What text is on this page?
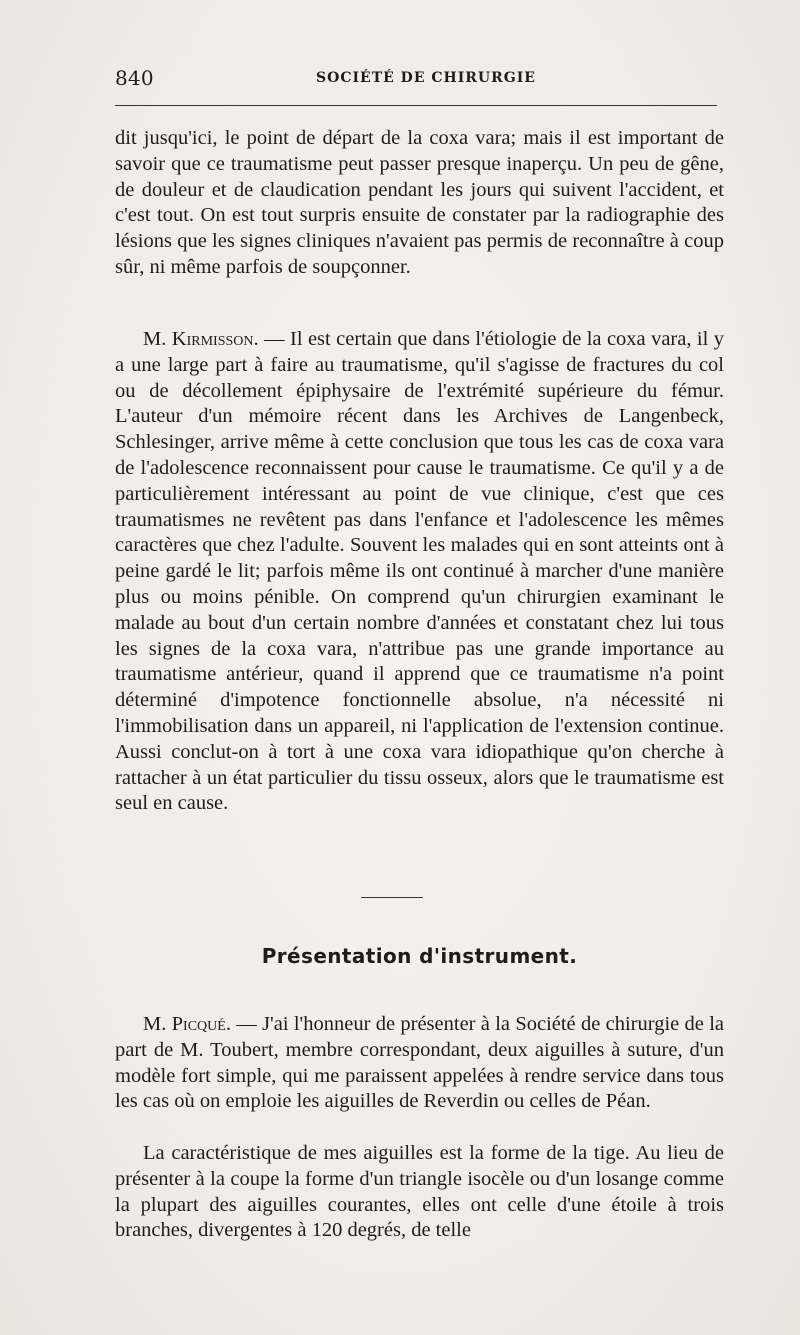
840	SOCIÉTÉ DE CHIRURGIE

dit jusqu'ici, le point de départ de la coxa vara; mais il est important de savoir que ce traumatisme peut passer presque inaperçu. Un peu de gêne, de douleur et de claudication pendant les jours qui suivent l'accident, et c'est tout. On est tout surpris ensuite de constater par la radiographie des lésions que les signes cliniques n'avaient pas permis de reconnaître à coup sûr, ni même parfois de soupçonner.

M. Kirmisson. — Il est certain que dans l'étiologie de la coxa vara, il y a une large part à faire au traumatisme, qu'il s'agisse de fractures du col ou de décollement épiphysaire de l'extrémité supérieure du fémur. L'auteur d'un mémoire récent dans les Archives de Langenbeck, Schlesinger, arrive même à cette conclusion que tous les cas de coxa vara de l'adolescence reconnaissent pour cause le traumatisme. Ce qu'il y a de particulièrement intéressant au point de vue clinique, c'est que ces traumatismes ne revêtent pas dans l'enfance et l'adolescence les mêmes caractères que chez l'adulte. Souvent les malades qui en sont atteints ont à peine gardé le lit; parfois même ils ont continué à marcher d'une manière plus ou moins pénible. On comprend qu'un chirurgien examinant le malade au bout d'un certain nombre d'années et constatant chez lui tous les signes de la coxa vara, n'attribue pas une grande importance au traumatisme antérieur, quand il apprend que ce traumatisme n'a point déterminé d'impotence fonctionnelle absolue, n'a nécessité ni l'immobilisation dans un appareil, ni l'application de l'extension continue. Aussi conclut-on à tort à une coxa vara idiopathique qu'on cherche à rattacher à un état particulier du tissu osseux, alors que le traumatisme est seul en cause.

Présentation d'instrument.

M. Picqué. — J'ai l'honneur de présenter à la Société de chirurgie de la part de M. Toubert, membre correspondant, deux aiguilles à suture, d'un modèle fort simple, qui me paraissent appelées à rendre service dans tous les cas où on emploie les aiguilles de Reverdin ou celles de Péan.

La caractéristique de mes aiguilles est la forme de la tige. Au lieu de présenter à la coupe la forme d'un triangle isocèle ou d'un losange comme la plupart des aiguilles courantes, elles ont celle d'une étoile à trois branches, divergentes à 120 degrés, de telle
